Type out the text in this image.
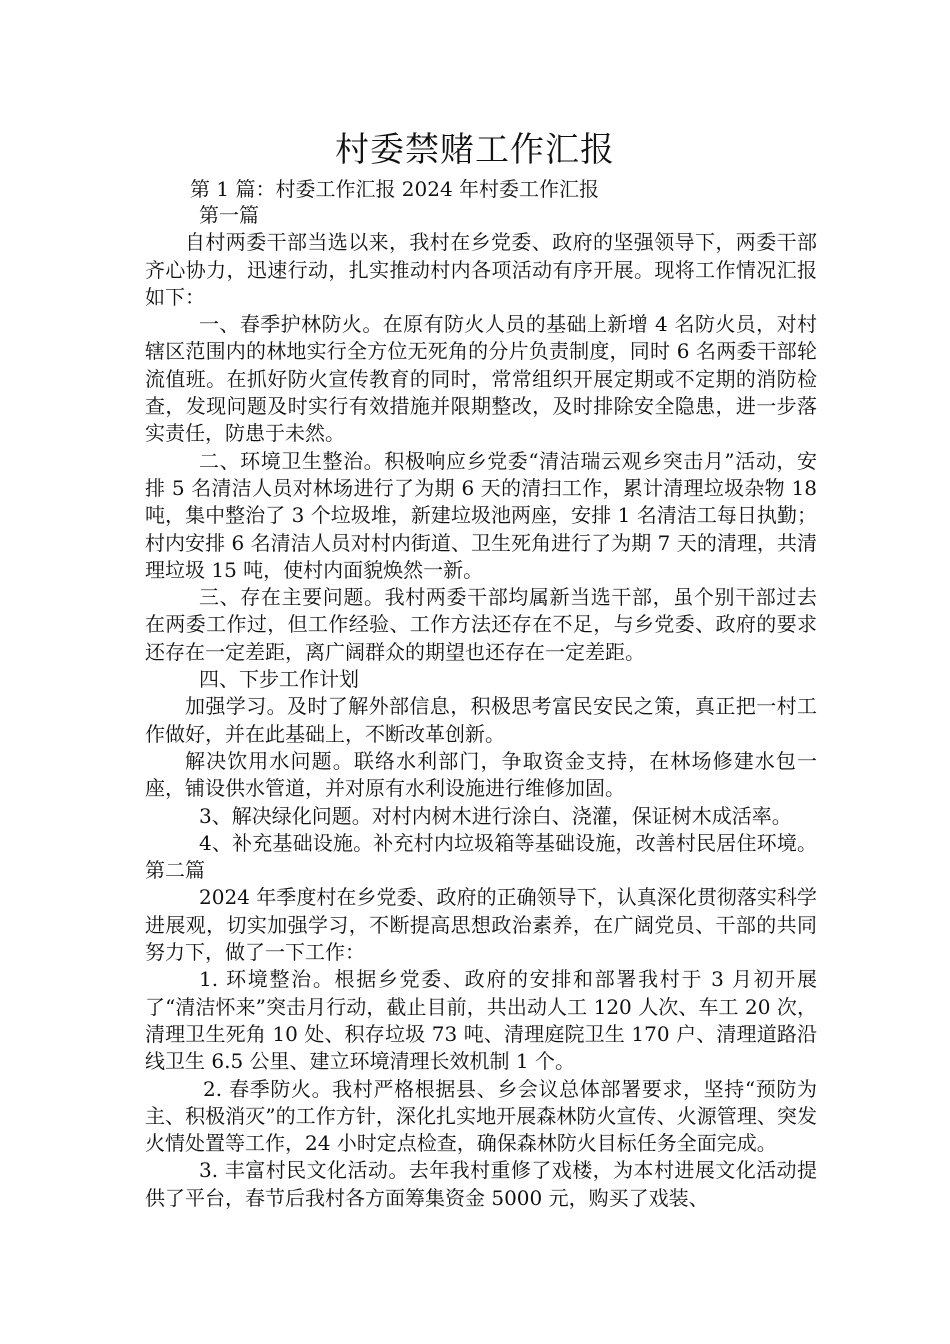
村委禁赌工作汇报

第 1 篇：村委工作汇报 2024 年村委工作汇报

第一篇

自村两委干部当选以来，我村在乡党委、政府的坚强领导下，两委干部齐心协力，迅速行动，扎实推动村内各项活动有序开展。现将工作情况汇报如下：

一、春季护林防火。在原有防火人员的基础上新增 4 名防火员，对村辖区范围内的林地实行全方位无死角的分片负责制度，同时 6 名两委干部轮流值班。在抓好防火宣传教育的同时，常常组织开展定期或不定期的消防检查，发现问题及时实行有效措施并限期整改，及时排除安全隐患，进一步落实责任，防患于未然。

二、环境卫生整治。积极响应乡党委“清洁瑞云观乡突击月”活动，安排 5 名清洁人员对林场进行了为期 6 天的清扫工作，累计清理垃圾杂物 18 吨，集中整治了 3 个垃圾堆，新建垃圾池两座，安排 1 名清洁工每日执勤；村内安排 6 名清洁人员对村内街道、卫生死角进行了为期 7 天的清理，共清理垃圾 15 吨，使村内面貌焕然一新。

三、存在主要问题。我村两委干部均属新当选干部，虽个别干部过去在两委工作过，但工作经验、工作方法还存在不足，与乡党委、政府的要求还存在一定差距，离广阔群众的期望也还存在一定差距。

四、下步工作计划

加强学习。及时了解外部信息，积极思考富民安民之策，真正把一村工作做好，并在此基础上，不断改革创新。

解决饮用水问题。联络水利部门，争取资金支持，在林场修建水包一座，铺设供水管道，并对原有水利设施进行维修加固。

3、解决绿化问题。对村内树木进行涂白、浇灌，保证树木成活率。

4、补充基础设施。补充村内垃圾箱等基础设施，改善村民居住环境。第二篇

2024 年季度村在乡党委、政府的正确领导下，认真深化贯彻落实科学进展观，切实加强学习，不断提高思想政治素养，在广阔党员、干部的共同努力下，做了一下工作：

1. 环境整治。根据乡党委、政府的安排和部署我村于 3 月初开展了“清洁怀来”突击月行动，截止目前，共出动人工 120 人次、车工 20 次，清理卫生死角 10 处、积存垃圾 73 吨、清理庭院卫生 170 户、清理道路沿线卫生 6.5 公里、建立环境清理长效机制 1 个。

2. 春季防火。我村严格根据县、乡会议总体部署要求，坚持“预防为主、积极消灭”的工作方针，深化扎实地开展森林防火宣传、火源管理、突发火情处置等工作，24 小时定点检查，确保森林防火目标任务全面完成。

3. 丰富村民文化活动。去年我村重修了戏楼，为本村进展文化活动提供了平台，春节后我村各方面筹集资金 5000 元，购买了戏装、
